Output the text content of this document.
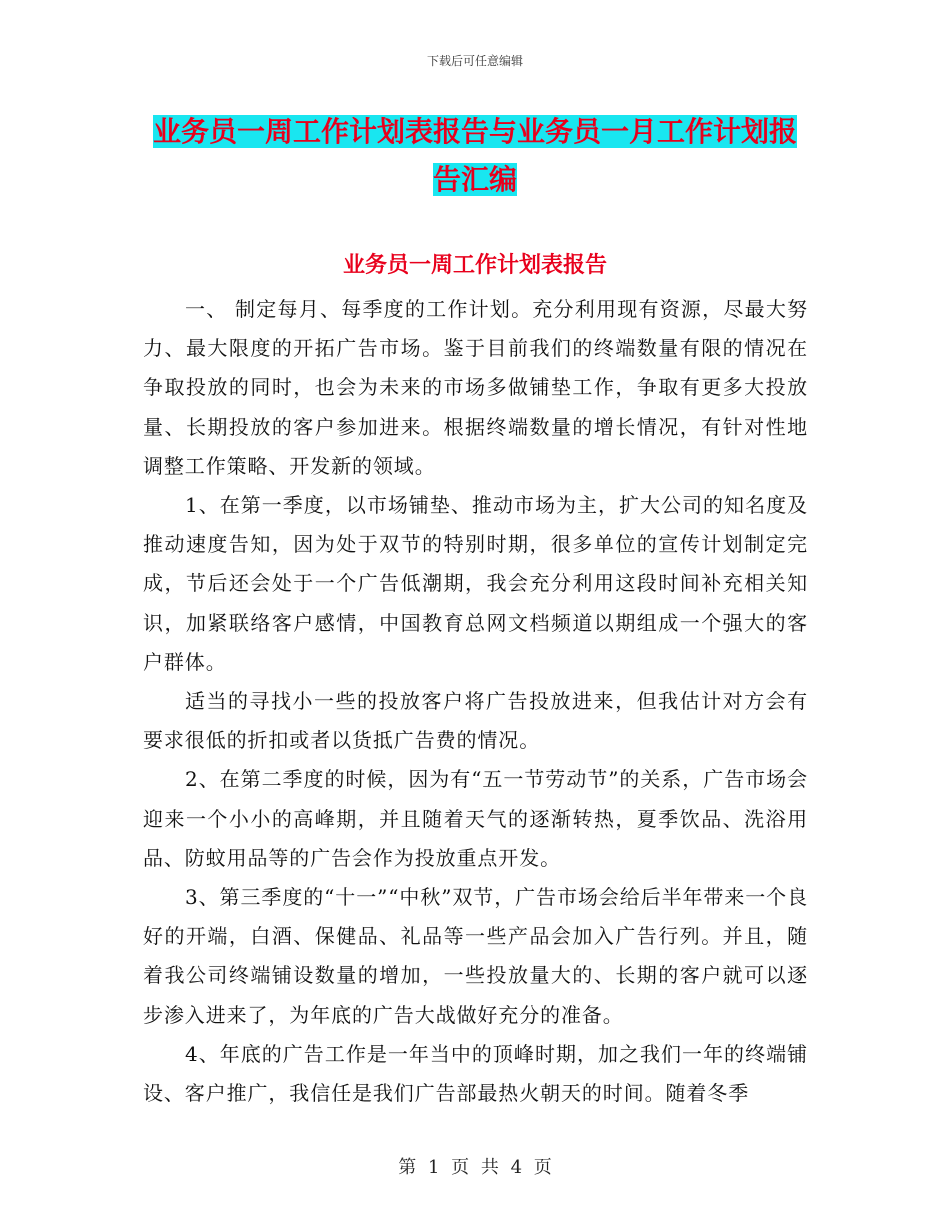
下载后可任意编辑
业务员一周工作计划表报告与业务员一月工作计划报
告汇编
业务员一周工作计划表报告

一、 制定每月、每季度的工作计划。充分利用现有资源，尽最大努力、最大限度的开拓广告市场。鉴于目前我们的终端数量有限的情况在争取投放的同时，也会为未来的市场多做铺垫工作，争取有更多大投放量、长期投放的客户参加进来。根据终端数量的增长情况，有针对性地调整工作策略、开发新的领域。

1、在第一季度，以市场铺垫、推动市场为主，扩大公司的知名度及推动速度告知，因为处于双节的特别时期，很多单位的宣传计划制定完成，节后还会处于一个广告低潮期，我会充分利用这段时间补充相关知识，加紧联络客户感情，中国教育总网文档频道以期组成一个强大的客户群体。

适当的寻找小一些的投放客户将广告投放进来，但我估计对方会有要求很低的折扣或者以货抵广告费的情况。

2、在第二季度的时候，因为有“五一节劳动节”的关系，广告市场会迎来一个小小的高峰期，并且随着天气的逐渐转热，夏季饮品、洗浴用品、防蚊用品等的广告会作为投放重点开发。

3、第三季度的“十一”“中秋”双节，广告市场会给后半年带来一个良好的开端，白酒、保健品、礼品等一些产品会加入广告行列。并且，随着我公司终端铺设数量的增加，一些投放量大的、长期的客户就可以逐步渗入进来了，为年底的广告大战做好充分的准备。

4、年底的广告工作是一年当中的顶峰时期，加之我们一年的终端铺设、客户推广，我信任是我们广告部最热火朝天的时间。随着冬季

第 1 页 共 4 页
